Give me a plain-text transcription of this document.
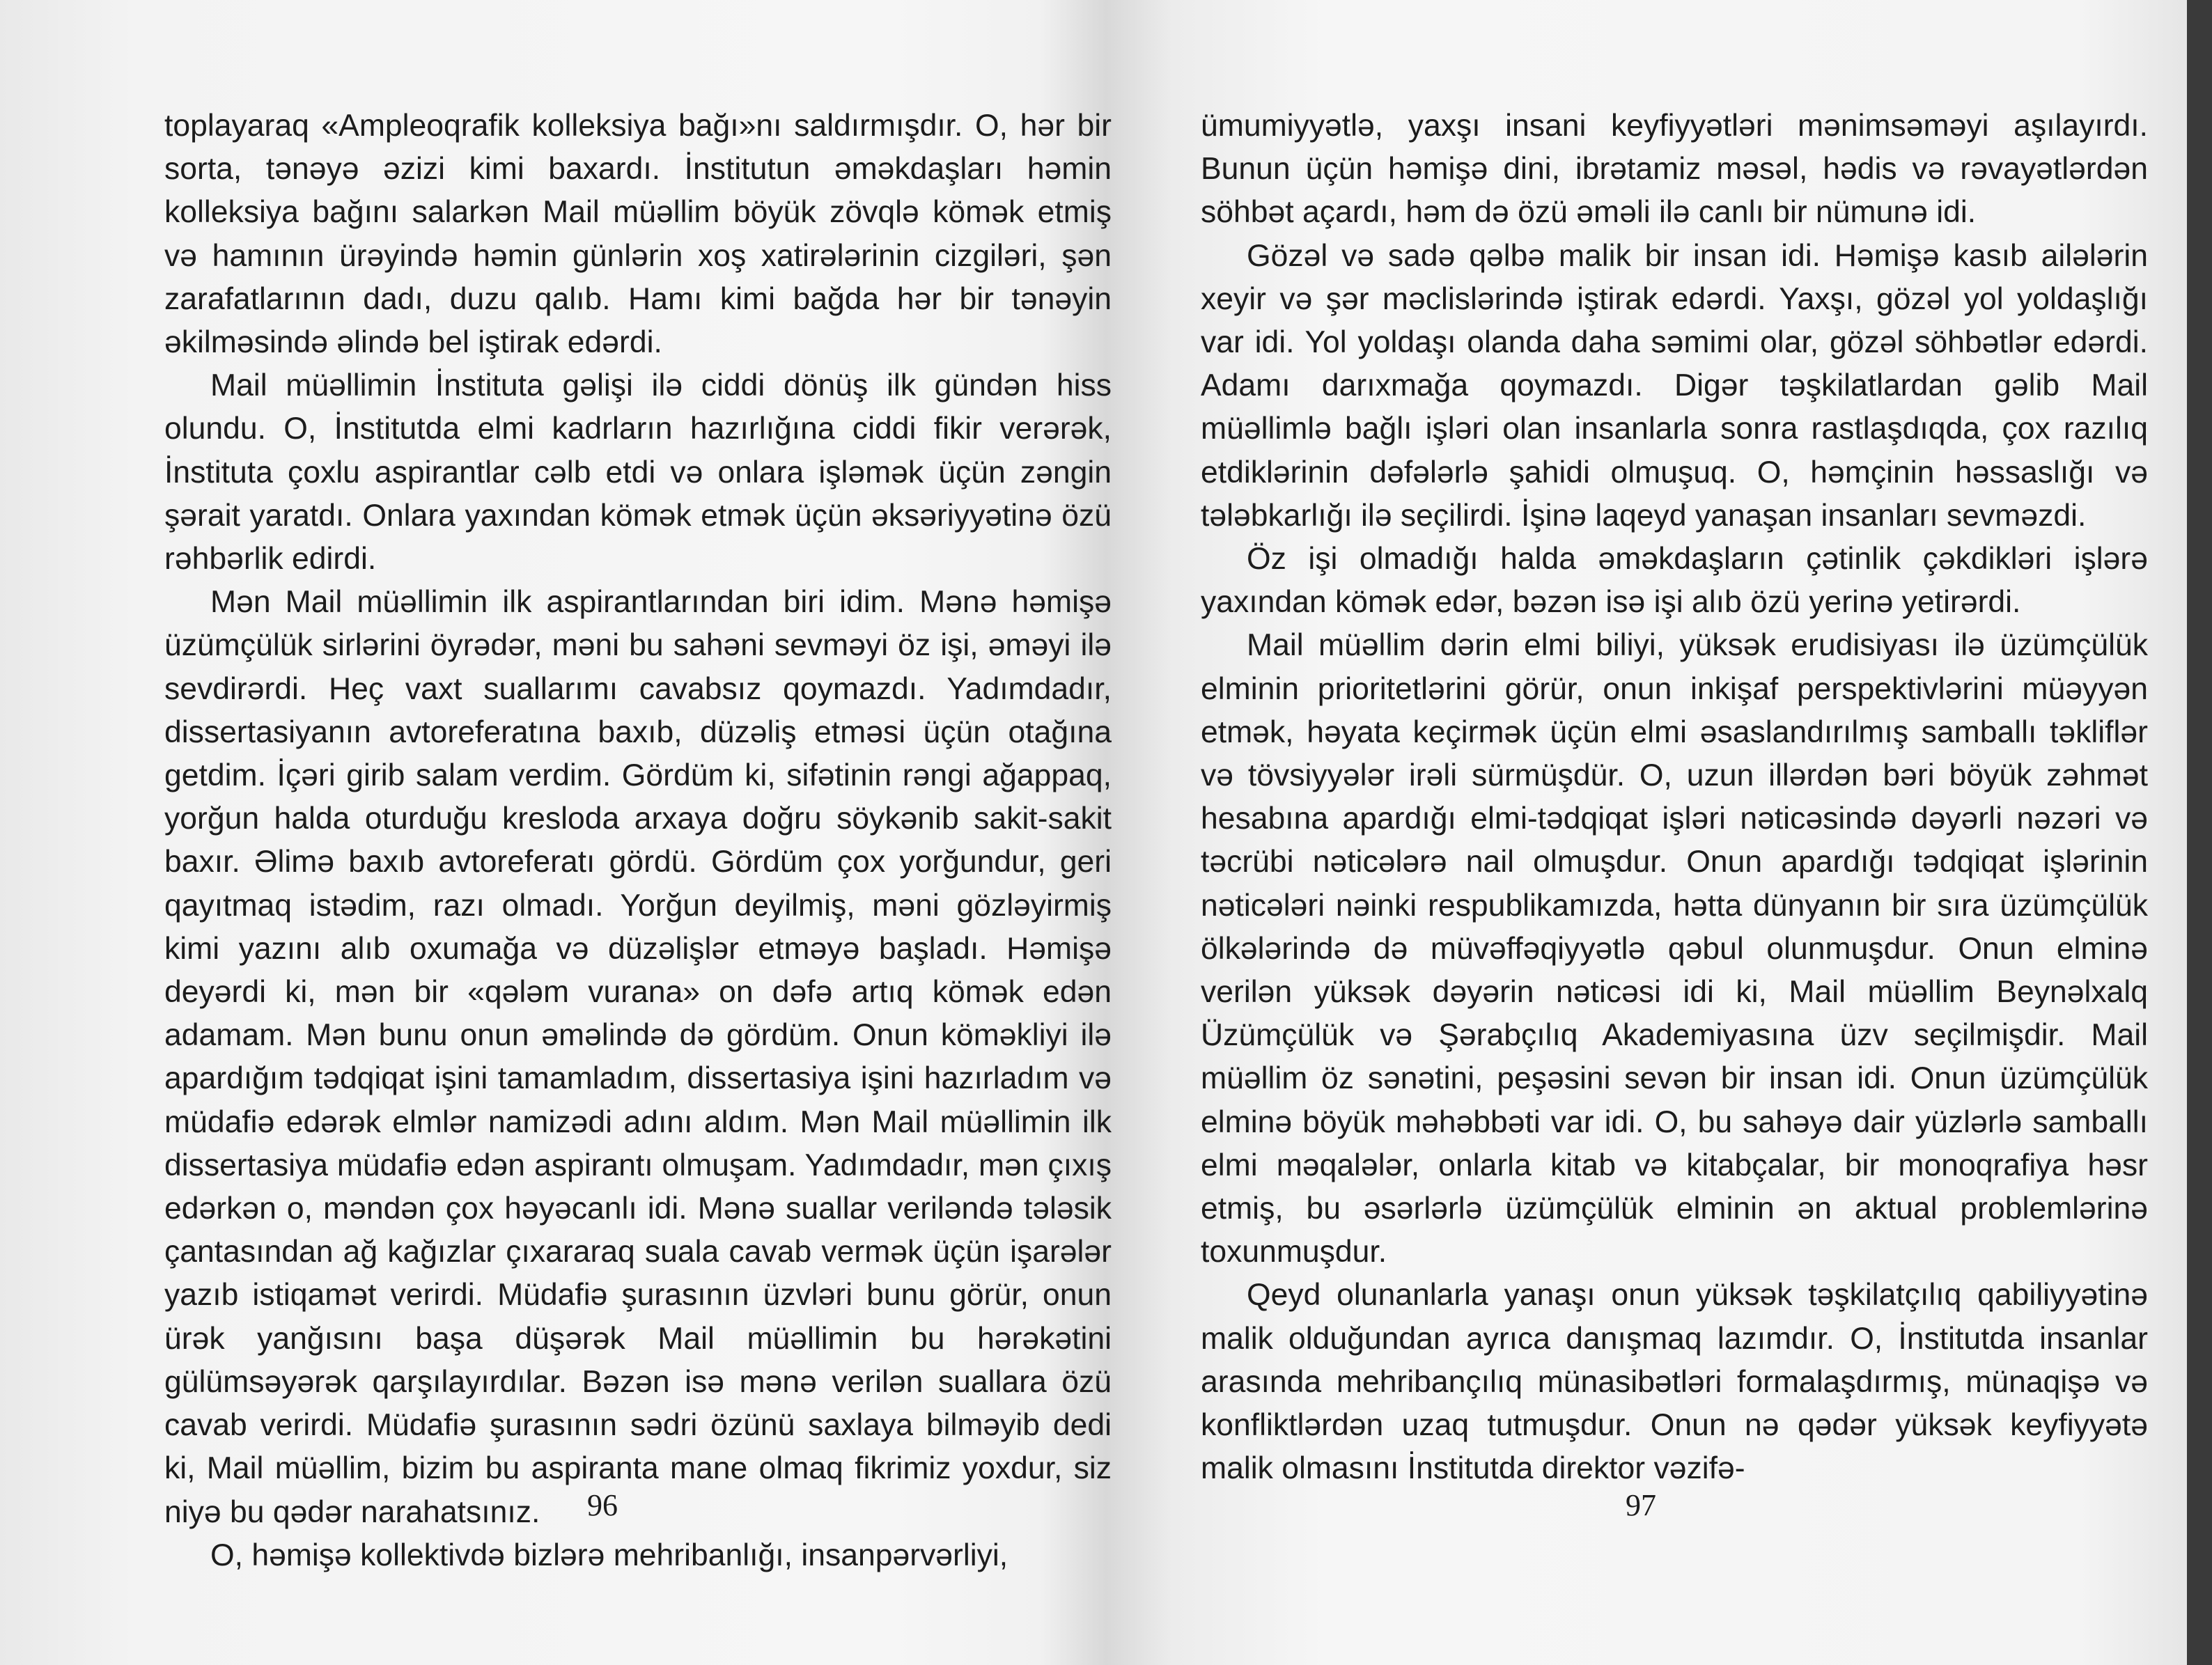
toplayaraq «Ampleoqrafik kolleksiya bağı»nı saldırmışdır. O, hər bir sorta, tənəyə əzizi kimi baxardı. İnstitutun əməkdaşları həmin kolleksiya bağını salarkən Mail müəllim böyük zövqlə kömək etmiş və hamının ürəyində həmin günlərin xoş xatirələrinin cizgiləri, şən zarafatlarının dadı, duzu qalıb. Hamı kimi bağda hər bir tənəyin əkilməsində əlində bel iştirak edərdi.

Mail müəllimin İnstituta gəlişi ilə ciddi dönüş ilk gündən hiss olundu. O, İnstitutda elmi kadrların hazırlığına ciddi fikir verərək, İnstituta çoxlu aspirantlar cəlb etdi və onlara işləmək üçün zəngin şərait yaratdı. Onlara yaxından kömək etmək üçün əksəriyyətinə özü rəhbərlik edirdi.

Mən Mail müəllimin ilk aspirantlarından biri idim. Mənə həmişə üzümçülük sirlərini öyrədər, məni bu sahəni sevməyi öz işi, əməyi ilə sevdirərdi. Heç vaxt suallarımı cavabsız qoymazdı. Yadımdadır, dissertasiyanın avtoreferatına baxıb, düzəliş etməsi üçün otağına getdim. İçəri girib salam verdim. Gördüm ki, sifətinin rəngi ağappaq, yorğun halda oturduğu kresloda arxaya doğru söykənib sakit-sakit baxır. Əlimə baxıb avtoreferatı gördü. Gördüm çox yorğundur, geri qayıtmaq istədim, razı olmadı. Yorğun deyilmiş, məni gözləyirmiş kimi yazını alıb oxumağa və düzəlişlər etməyə başladı. Həmişə deyərdi ki, mən bir «qələm vurana» on dəfə artıq kömək edən adamam. Mən bunu onun əməlində də gördüm. Onun köməkliyi ilə apardığım tədqiqat işini tamamladım, dissertasiya işini hazırladım və müdafiə edərək elmlər namizədi adını aldım. Mən Mail müəllimin ilk dissertasiya müdafiə edən aspirantı olmuşam. Yadımdadır, mən çıxış edərkən o, məndən çox həyəcanlı idi. Mənə suallar veriləndə tələsik çantasından ağ kağızlar çıxararaq suala cavab vermək üçün işarələr yazıb istiqamət verirdi. Müdafiə şurasının üzvləri bunu görür, onun ürək yanğısını başa düşərək Mail müəllimin bu hərəkətini gülümsəyərək qarşılayırdılar. Bəzən isə mənə verilən suallara özü cavab verirdi. Müdafiə şurasının sədri özünü saxlaya bilməyib dedi ki, Mail müəllim, bizim bu aspiranta mane olmaq fikrimiz yoxdur, siz niyə bu qədər narahatsınız.

O, həmişə kollektivdə bizlərə mehribanlığı, insanpərvərliyi,

96

ümumiyyətlə, yaxşı insani keyfiyyətləri mənimsəməyi aşılayırdı. Bunun üçün həmişə dini, ibrətamiz məsəl, hədis və rəvayətlərdən söhbət açardı, həm də özü əməli ilə canlı bir nümunə idi.

Gözəl və sadə qəlbə malik bir insan idi. Həmişə kasıb ailələrin xeyir və şər məclislərində iştirak edərdi. Yaxşı, gözəl yol yoldaşlığı var idi. Yol yoldaşı olanda daha səmimi olar, gözəl söhbətlər edərdi. Adamı darıxmağa qoymazdı. Digər təşkilatlardan gəlib Mail müəllimlə bağlı işləri olan insanlarla sonra rastlaşdıqda, çox razılıq etdiklərinin dəfələrlə şahidi olmuşuq. O, həmçinin həssaslığı və tələbkarlığı ilə seçilirdi. İşinə laqeyd yanaşan insanları sevməzdi.

Öz işi olmadığı halda əməkdaşların çətinlik çəkdikləri işlərə yaxından kömək edər, bəzən isə işi alıb özü yerinə yetirərdi.

Mail müəllim dərin elmi biliyi, yüksək erudisiyası ilə üzümçülük elminin prioritetlərini görür, onun inkişaf perspektivlərini müəyyən etmək, həyata keçirmək üçün elmi əsaslandırılmış samballı təkliflər və tövsiyyələr irəli sürmüşdür. O, uzun illərdən bəri böyük zəhmət hesabına apardığı elmi-tədqiqat işləri nəticəsində dəyərli nəzəri və təcrübi nəticələrə nail olmuşdur. Onun apardığı tədqiqat işlərinin nəticələri nəinki respublikamızda, hətta dünyanın bir sıra üzümçülük ölkələrində də müvəffəqiyyətlə qəbul olunmuşdur. Onun elminə verilən yüksək dəyərin nəticəsi idi ki, Mail müəllim Beynəlxalq Üzümçülük və Şərabçılıq Akademiyasına üzv seçilmişdir. Mail müəllim öz sənətini, peşəsini sevən bir insan idi. Onun üzümçülük elminə böyük məhəbbəti var idi. O, bu sahəyə dair yüzlərlə samballı elmi məqalələr, onlarla kitab və kitabçalar, bir monoqrafiya həsr etmiş, bu əsərlərlə üzümçülük elminin ən aktual problemlərinə toxunmuşdur.

Qeyd olunanlarla yanaşı onun yüksək təşkilatçılıq qabiliyyətinə malik olduğundan ayrıca danışmaq lazımdır. O, İnstitutda insanlar arasında mehribançılıq münasibətləri formalaşdırmış, münaqişə və konfliktlərdən uzaq tutmuşdur. Onun nə qədər yüksək keyfiyyətə malik olmasını İnstitutda direktor vəzifə-

97
